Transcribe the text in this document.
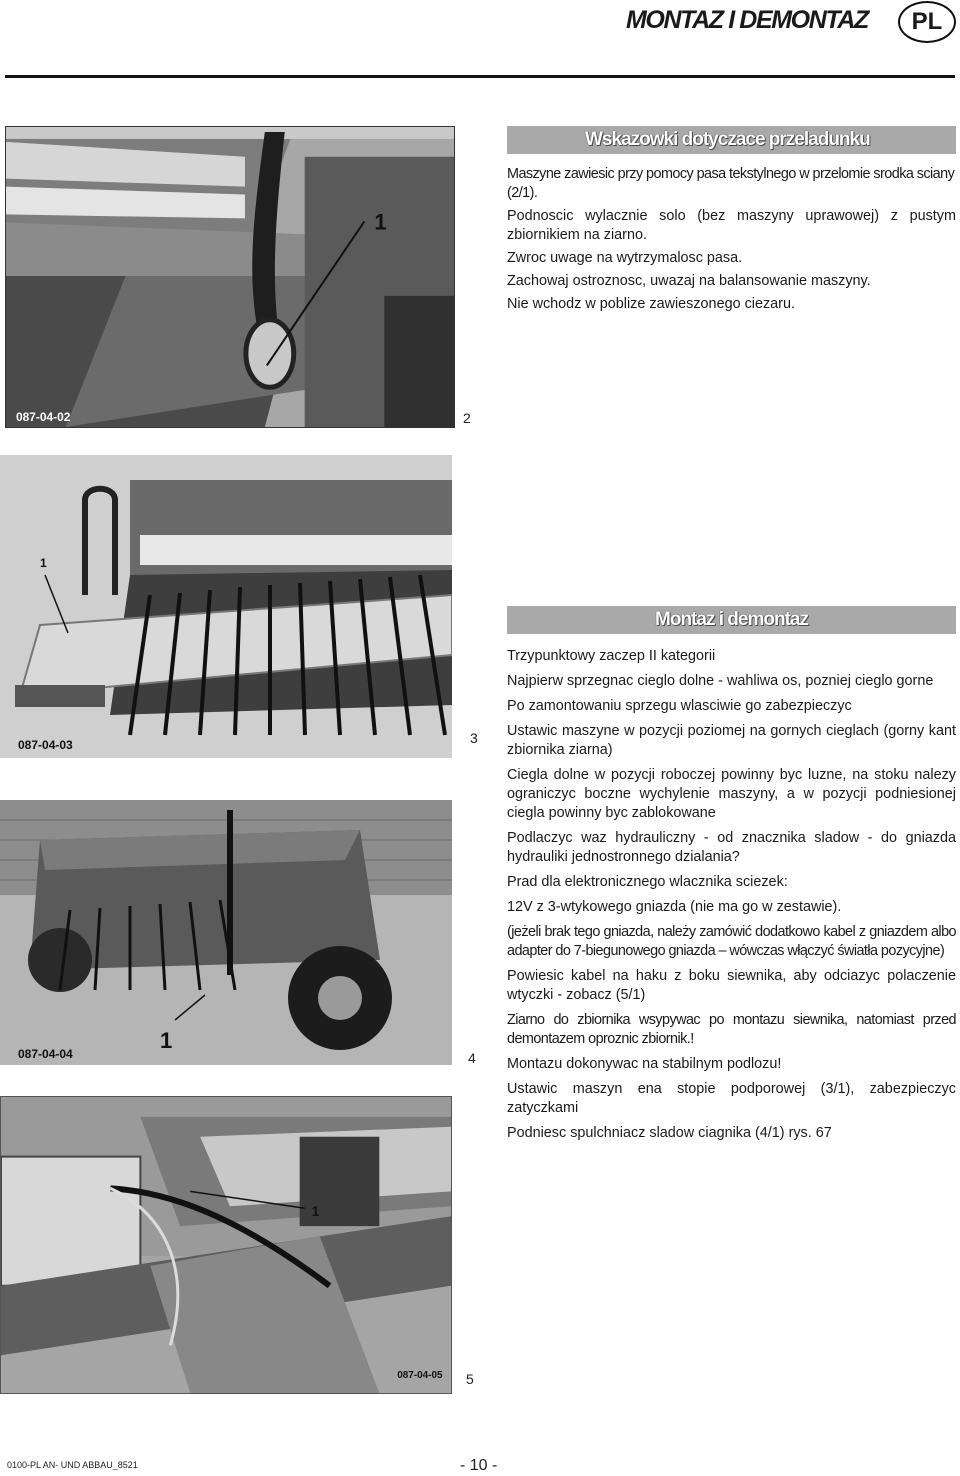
MONTAZ I DEMONTAZ	PL
087-04-02
1
2
Wskazowki dotyczace przeladunku

Maszyne zawiesic przy pomocy pasa tekstylnego w przelomie srodka sciany (2/1).

Podnoscic wylacznie solo (bez maszyny uprawowej) z pustym zbiornikiem na ziarno.

Zwroc uwage na wytrzymalosc pasa.

Zachowaj ostroznosc, uwazaj na balansowanie maszyny.

Nie wchodz w poblize zawieszonego ciezaru.

1
087-04-03	3
Montaz i demontaz
1
087-04-04	4
1
087-04-05 5

Trzypunktowy zaczep II kategorii

Najpierw sprzegnac cieglo dolne - wahliwa os, pozniej cieglo gorne

Po zamontowaniu sprzegu wlasciwie go zabezpieczyc

Ustawic maszyne w pozycji poziomej na gornych cieglach (gorny kant zbiornika ziarna)

Ciegla dolne w pozycji roboczej powinny byc luzne, na stoku nalezy ograniczyc boczne wychylenie maszyny, a w pozycji podniesionej ciegla powinny byc zablokowane

Podlaczyc waz hydrauliczny - od znacznika sladow - do gniazda hydrauliki jednostronnego dzialania?

Prad dla elektronicznego wlacznika sciezek:

12V z 3-wtykowego gniazda (nie ma go w zestawie).

(jeżeli brak tego gniazda, należy zamówić dodatkowo kabel z gniazdem albo adapter do 7-biegunowego gniazda – wówczas włączyć światła pozycyjne)

Powiesic kabel na haku z boku siewnika, aby odciazyc polaczenie wtyczki - zobacz (5/1)

Ziarno do zbiornika wsypywac po montazu siewnika, natomiast przed demontazem oproznic zbiornik.!

Montazu dokonywac na stabilnym podlozu!

Ustawic maszyn ena stopie podporowej (3/1), zabezpieczyc zatyczkami

Podniesc spulchniacz sladow ciagnika (4/1) rys. 67

0100-PL AN- UND ABBAU_8521	- 10 -
